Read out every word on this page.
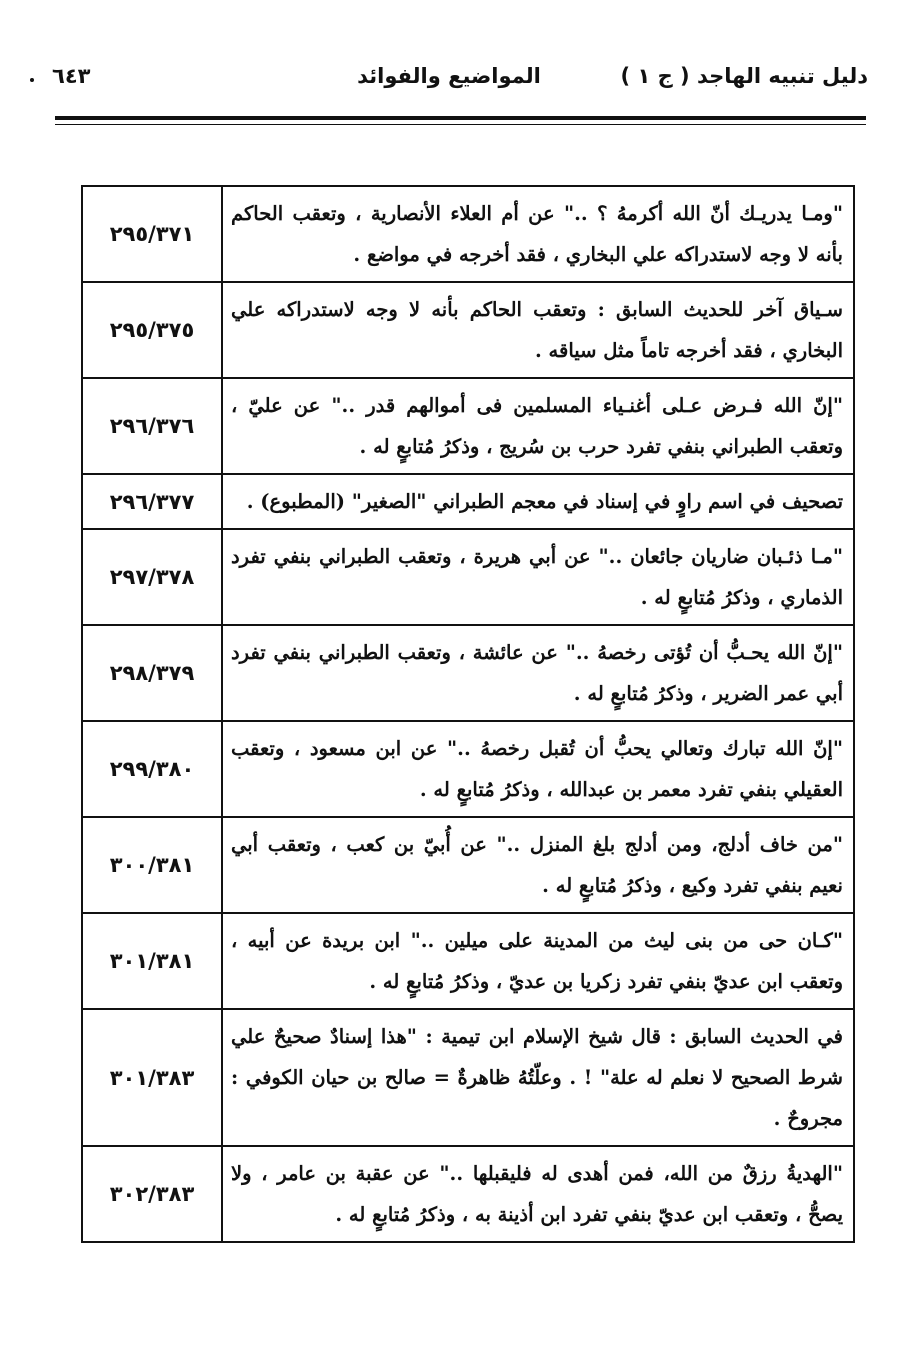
دليل تنبيه الهاجد ( ج ١ )
المواضيع والفوائد
٦٤٣
"ومـا يدريـك أنّ الله أكرمهُ ؟ .." عن أم العلاء الأنصارية ، وتعقب الحاكم بأنه لا وجه لاستدراكه علي البخاري ، فقد أخرجه في مواضع .	٢٩٥/٣٧١
سـياق آخر للحديث السابق : وتعقب الحاكم بأنه لا وجه لاستدراكه علي البخاري ، فقد أخرجه تاماً مثل سياقه .	٢٩٥/٣٧٥
"إنّ الله فـرض عـلى أغنـياء المسلمين فى أموالهم قدر .." عن عليّ ، وتعقب الطبراني بنفي تفرد حرب بن سُريج ، وذكرُ مُتابعٍ له .	٢٩٦/٣٧٦
تصحيف في اسم راوٍ في إسناد في معجم الطبراني "الصغير" (المطبوع) .	٢٩٦/٣٧٧
"مـا ذئـبان ضاريان جائعان .." عن أبي هريرة ، وتعقب الطبراني بنفي تفرد الذماري ، وذكرُ مُتابعٍ له .	٢٩٧/٣٧٨
"إنّ الله يحـبُّ أن تُؤتى رخصهُ .." عن عائشة ، وتعقب الطبراني بنفي تفرد أبي عمر الضرير ، وذكرُ مُتابعٍ له .	٢٩٨/٣٧٩
"إنّ الله تبارك وتعالي يحبُّ أن تُقبل رخصهُ .." عن ابن مسعود ، وتعقب العقيلي بنفي تفرد معمر بن عبدالله ، وذكرُ مُتابعٍ له .	٢٩٩/٣٨٠
"من خاف أدلج، ومن أدلج بلغ المنزل .." عن أُبيّ بن كعب ، وتعقب أبي نعيم بنفي تفرد وكيع ، وذكرُ مُتابعٍ له .	٣٠٠/٣٨١
"كـان حى من بنى ليث من المدينة على ميلين .." ابن بريدة عن أبيه ، وتعقب ابن عديّ بنفي تفرد زكريا بن عديّ ، وذكرُ مُتابعٍ له .	٣٠١/٣٨١
في الحديث السابق : قال شيخ الإسلام ابن تيمية : "هذا إسنادٌ صحيحٌ علي شرط الصحيح لا نعلم له علة" ! . وعلّتُهُ ظاهرةٌ = صالح بن حيان الكوفي : مجروحٌ .	٣٠١/٣٨٣
"الهديةُ رزقٌ من الله، فمن أهدى له فليقبلها .." عن عقبة بن عامر ، ولا يصحُّ ، وتعقب ابن عديّ بنفي تفرد ابن أذينة به ، وذكرُ مُتابعٍ له .	٣٠٢/٣٨٣
